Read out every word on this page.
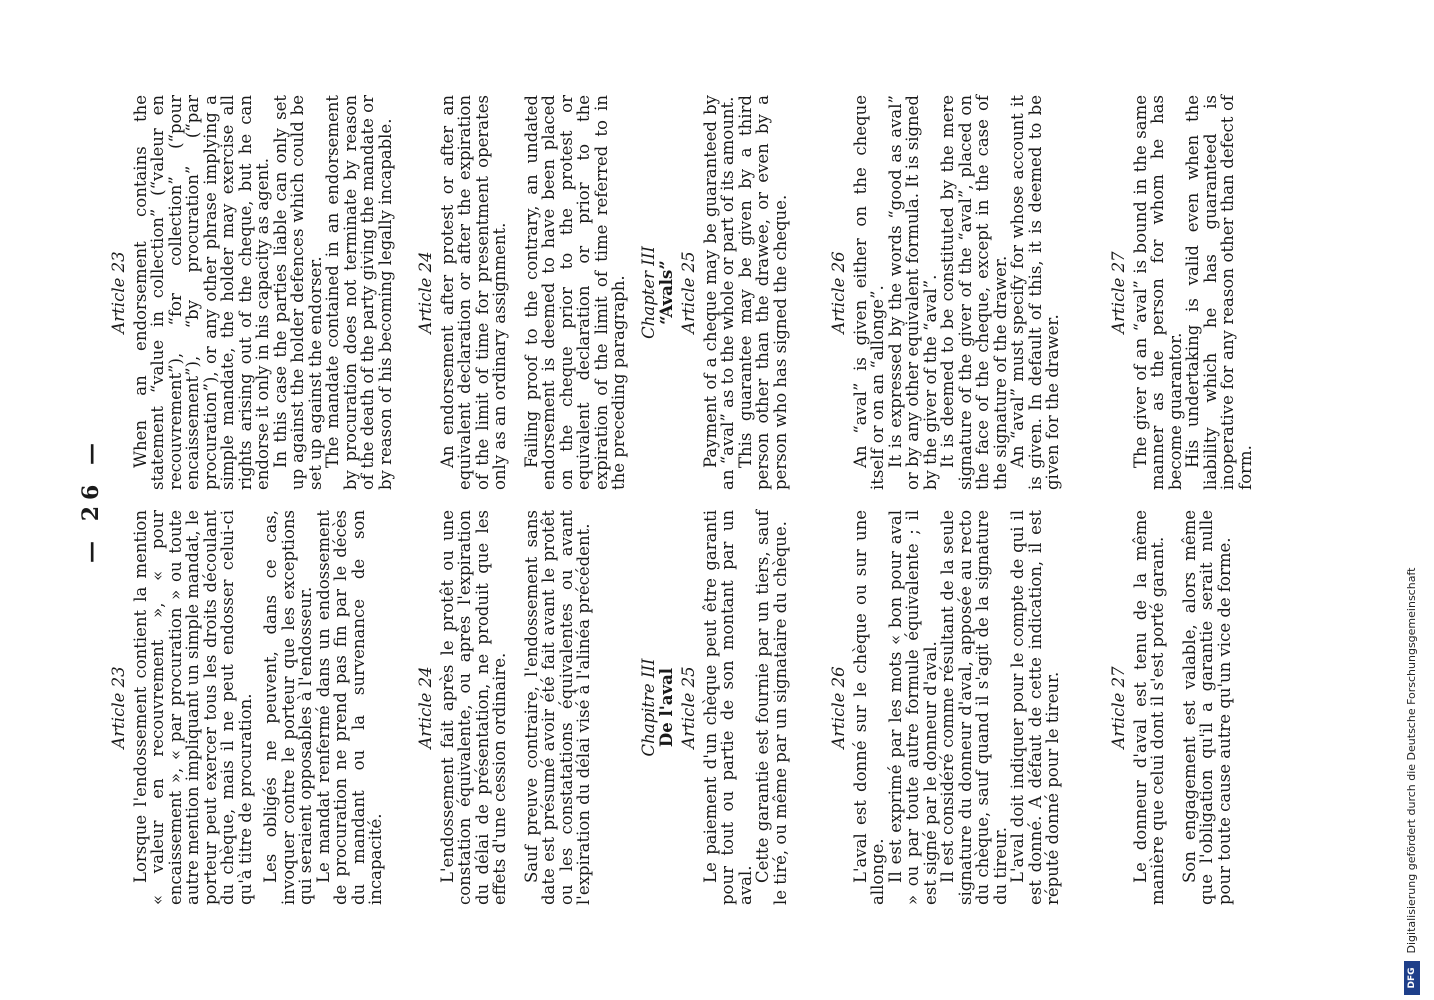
— 26 —
Article 23 Lorsque l'endossement contient la mention « valeur en recouvrement », « pour encaissement », « par procuration » ou toute autre mention impliquant un simple mandat, le porteur peut exercer tous les droits découlant du chèque, mais il ne peut endosser celui-ci qu'à titre de procuration. Les obligés ne peuvent, dans ce cas, invoquer contre le porteur que les exceptions qui seraient opposables à l'endosseur.

Le mandat renfermé dans un endossement de procuration ne prend pas fin par le décès du mandant ou la survenance de son incapacité.

Article 24 L'endossement fait après le protêt ou une constation équivalente, ou après l'expiration du délai de présentation, ne produit que les effets d'une cession ordinaire. Sauf preuve contraire, l'endossement sans date est présumé avoir été fait avant le protêt ou les constatations équivalentes ou avant l'expiration du délai visé à l'alinéa précédent.	Chapitre III
De l'aval Article 25 Le paiement d'un chèque peut être garanti pour tout ou partie de son montant par un aval.

Cette garantie est fournie par un tiers, sauf le tiré, ou même par un signataire du chèque. Article 26 L'aval est donné sur le chèque ou sur une allonge.

Il est exprimé par les mots « bon pour aval » ou par toute autre formule équivalente ; il est signé par le donneur d'aval.

Il est considéré comme résultant de la seule signature du donneur d'aval, apposée au recto du chèque, sauf quand il s'agit de la signature du tireur.

L'aval doit indiquer pour le compte de qui il est donné. A défaut de cette indication, il est réputé donné pour le tireur.	Article 27 Le donneur d'aval est tenu de la même manière que celui dont il s'est porté garant. Son engagement est valable, alors même que l'obligation qu'il a garantie serait nulle pour toute cause autre qu'un vice de forme.

Article 23 When an endorsement contains the statement “value in collection” (“valeur en recouvrement”), “for collection” (“pour encaissement”), “by procuration” (“par procuration”), or any other phrase implying a simple mandate, the holder may exercise all rights arising out of the cheque, but he can endorse it only in his capacity as agent.

In this case the parties liable can only set up against the holder defences which could be set up against the endorser.

The mandate contained in an endorsement by procuration does not terminate by reason of the death of the party giving the mandate or by reason of his becoming legally incapable. Article 24 An endorsement after protest or after an equivalent declaration or after the expiration of the limit of time for presentment operates only as an ordinary assignment. Failing proof to the contrary, an undated endorsement is deemed to have been placed on the cheque prior to the protest or equivalent declaration or prior to the expiration of the limit of time referred to in the preceding paragraph. Chapter III
“Avals” Article 25 Payment of a cheque may be guaranteed by an “aval” as to the whole or part of its amount.

This guarantee may be given by a third person other than the drawee, or even by a person who has signed the cheque. Article 26 An “aval” is given either on the cheque itself or on an “allonge”.

It is expressed by the words “good as aval” or by any other equivalent formula. It is signed by the giver of the “aval”.

It is deemed to be constituted by the mere signature of the giver of the “aval”, placed on the face of the cheque, except in the case of the signature of the drawer.

An “aval” must specify for whose account it is given. In default of this, it is deemed to be given for the drawer.

Article 27 The giver of an “aval” is bound in the same manner as the person for whom he has become guarantor.

His undertaking is valid even when the liability which he has guaranteed is inoperative for any reason other than defect of form.

DFG Digitalisierung gefördert durch die Deutsche Forschungsgemeinschaft
